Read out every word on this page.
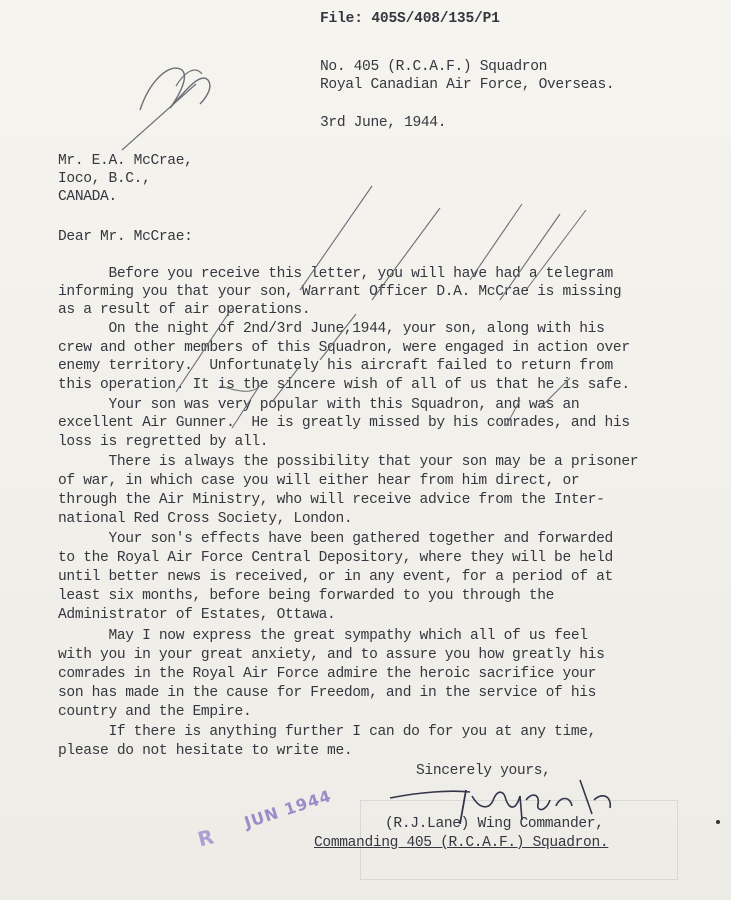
File: 405S/408/135/P1
No. 405 (R.C.A.F.) Squadron
Royal Canadian Air Force, Overseas.
3rd June, 1944.
Mr. E.A. McCrae,
Ioco, B.C.,
CANADA.
Dear Mr. McCrae:
Before you receive this letter, you will have had a telegram
informing you that your son, Warrant Officer D.A. McCrae is missing
as a result of air operations.
On the night of 2nd/3rd June,1944, your son, along with his
crew and other members of this Squadron, were engaged in action over
enemy territory.  Unfortunately his aircraft failed to return from
this operation. It is the sincere wish of all of us that he is safe.
Your son was very popular with this Squadron, and was an
excellent Air Gunner.  He is greatly missed by his comrades, and his
loss is regretted by all.
There is always the possibility that your son may be a prisoner
of war, in which case you will either hear from him direct, or
through the Air Ministry, who will receive advice from the Inter-
national Red Cross Society, London.
Your son's effects have been gathered together and forwarded
to the Royal Air Force Central Depository, where they will be held
until better news is received, or in any event, for a period of at
least six months, before being forwarded to you through the
Administrator of Estates, Ottawa.
May I now express the great sympathy which all of us feel
with you in your great anxiety, and to assure you how greatly his
comrades in the Royal Air Force admire the heroic sacrifice your
son has made in the cause for Freedom, and in the service of his
country and the Empire.
If there is anything further I can do for you at any time,
please do not hesitate to write me.
Sincerely yours,
(R.J.Lane) Wing Commander,
Commanding 405 (R.C.A.F.) Squadron.
R
JUN 1944
